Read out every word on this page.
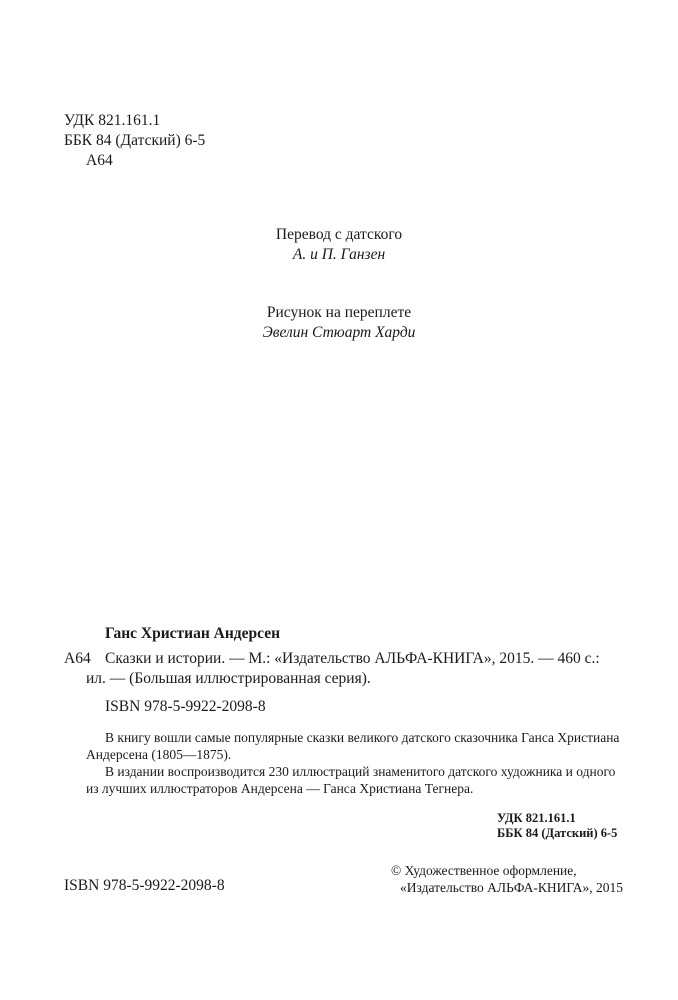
УДК 821.161.1
ББК 84 (Датский) 6-5
А64
Перевод с датского
А. и П. Ганзен
Рисунок на переплете
Эвелин Стюарт Харди
Ганс Христиан Андерсен
А64 Сказки и истории. — М.: «Издательство АЛЬФА-КНИГА», 2015. — 460 с.:
ил. — (Большая иллюстрированная серия).
ISBN 978-5-9922-2098-8
В книгу вошли самые популярные сказки великого датского сказочника Ганса Христиана
Андерсена (1805—1875).
В издании воспроизводится 230 иллюстраций знаменитого датского художника и одного
из лучших иллюстраторов Андерсена — Ганса Христиана Тегнера.
УДК 821.161.1
ББК 84 (Датский) 6-5
ISBN 978-5-9922-2098-8
© Художественное оформление,
«Издательство АЛЬФА-КНИГА», 2015
